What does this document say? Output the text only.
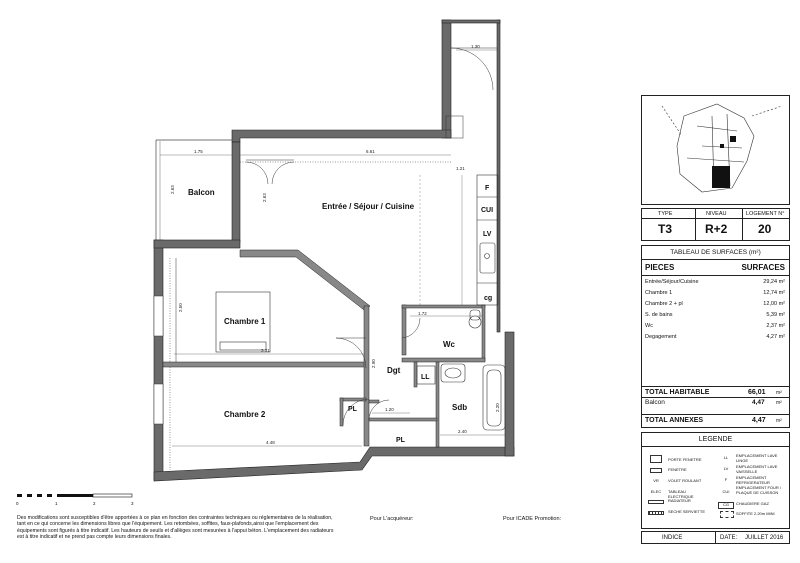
1.30
1.75	6.61
1.21
2.63
2.63
2.50
1.72
3.31
1.20
2.40
4.48
2.90
2.20
Entrée / Séjour / Cuisine
Balcon
Chambre 1
Chambre 2
Dgt
Wc
Sdb
LL
PL
PL
F
CUI
LV
cg
0	1	2	3
TYPE	NIVEAU	LOGEMENT N°
T3	R+2	20
TABLEAU DE SURFACES (m²)
PIECES	SURFACES
Entrée/Séjour/Cuisine	29,24 m²
Chambre 1	12,74 m²
Chambre 2 + pl	12,00 m²
S. de bains	5,39 m²
Wc	2,37 m²
Degagement	4,27 m²
TOTAL HABITABLE	66,01 m²
Balcon	4,47 m²
TOTAL ANNEXES	4,47 m²
LEGENDE
PORTE FENETRE
FENETRE
VR	VOLET ROULANT
ELEC	TABLEAU ELECTRIQUE
RADIATEUR
SECHE SERVIETTE
LL	EMPLACEMENT LAVE LINGE
LV	EMPLACEMENT LAVE VAISSELLE
F	EMPLACEMENT REFRIGERATEUR
CUI
EMPLACEMENT FOUR / PLAQUE DE CUISSON
CG	CHAUDIERE GAZ
SOFFITE 2.20m MINI
INDICE	DATE: JUILLET 2016
Des modifications sont susceptibles d'être apportées à ce plan en fonction des contraintes techniques ou réglementaires de la réalisation, tant en ce qui concerne les dimensions libres que l'équipement. Les retombées, soffites, faux-plafonds,ainsi que l'emplacement des équipements sont figurés à titre indicatif. Les hauteurs de seuils et d'allèges sont mesurées à l'appui béton. L'emplacement des radiateurs est à titre indicatif et ne prend pas compte leurs dimensions finales.
Pour L'acquéreur:	Pour ICADE Promotion:
